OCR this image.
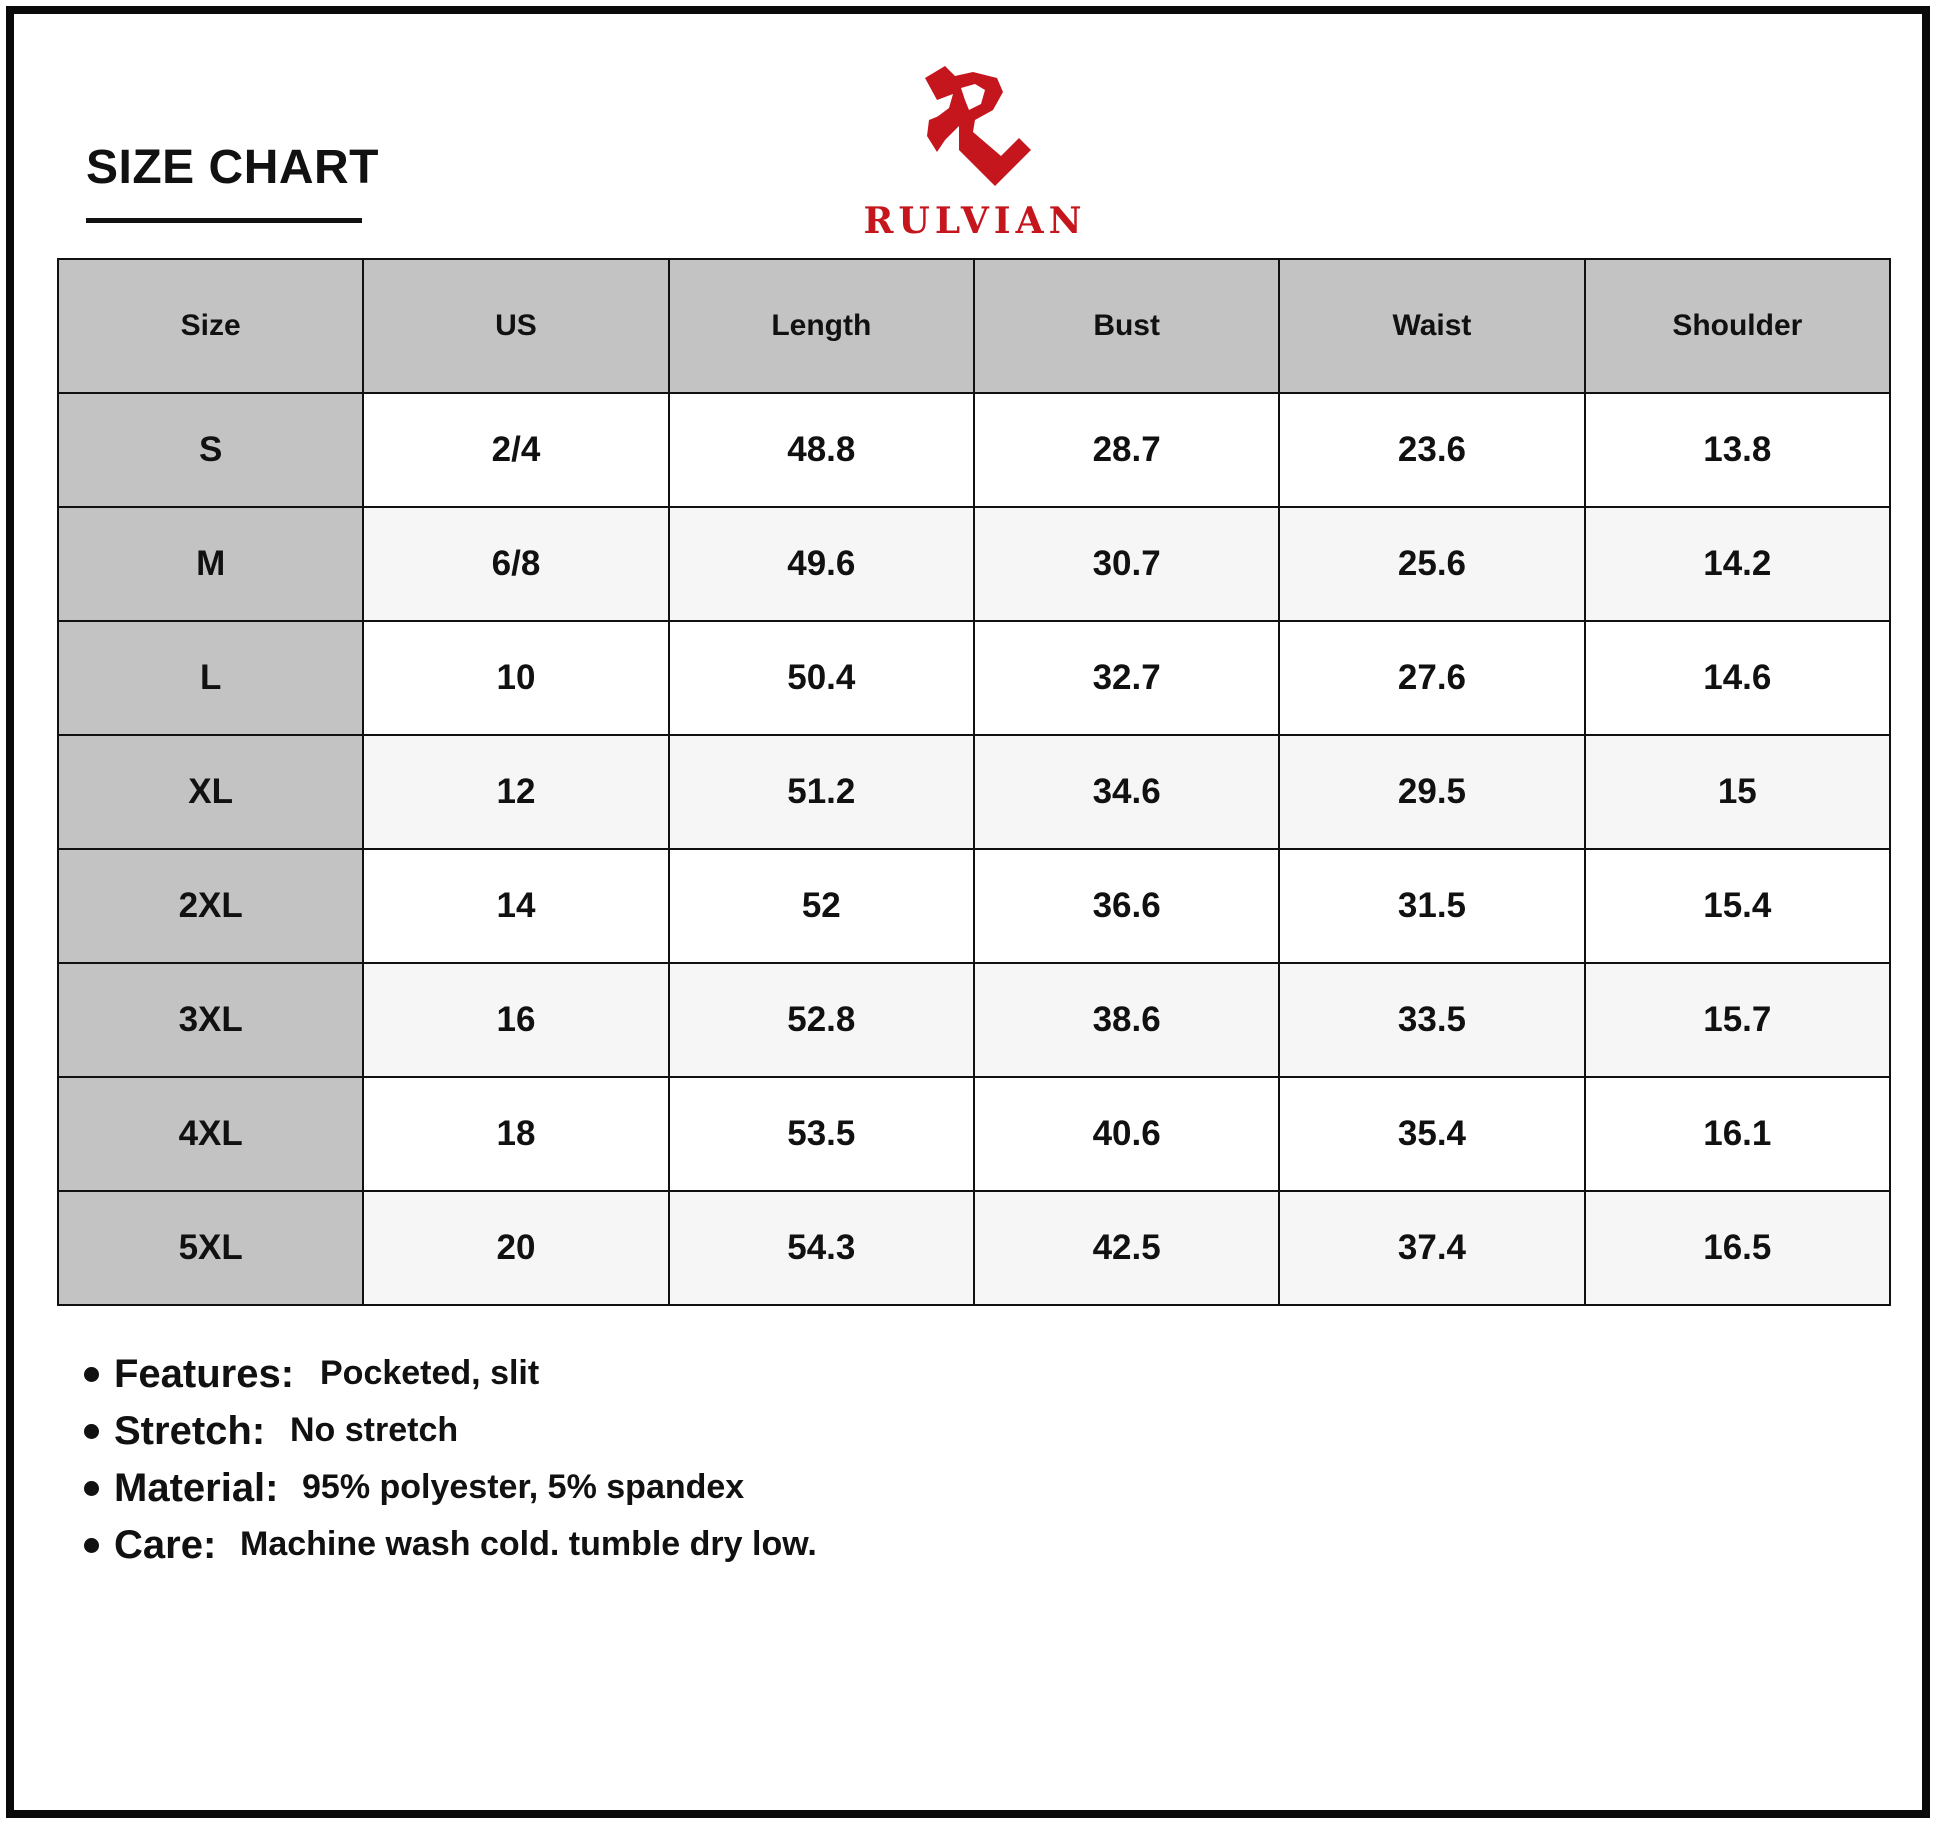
SIZE CHART
RULVIAN
Size	US	Length	Bust	Waist	Shoulder
S	2/4	48.8	28.7	23.6	13.8
M	6/8	49.6	30.7	25.6	14.2
L	10	50.4	32.7	27.6	14.6
XL	12	51.2	34.6	29.5	15
2XL	14	52	36.6	31.5	15.4
3XL	16	52.8	38.6	33.5	15.7
4XL	18	53.5	40.6	35.4	16.1
5XL	20	54.3	42.5	37.4	16.5
Features: Pocketed, slit
Stretch: No stretch
Material: 95% polyester, 5% spandex
Care: Machine wash cold. tumble dry low.
